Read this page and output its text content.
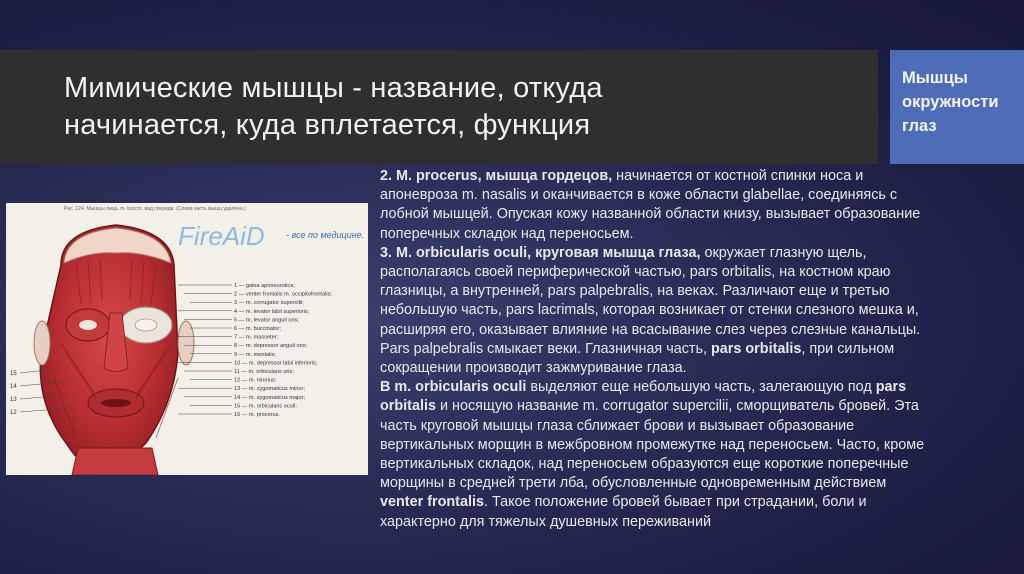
Мимические мышцы - название, откуда
начинается, куда вплетается, функция
Мышцы
окружности
глаз
Рис. 124. Мышцы лица, m. buccin, вид спереди. (Слева часть мышц удалена.)
FireAiD - все по медицине.
1 — galea aponeurotica;
2 — venter frontalis m. occipitofrontalis;
3 — m. corrugator supercilii;
4 — m. levator labii superioris;
5 — m. levator anguli oris;
6 — m. buccinator;
7 — m. masseter;
8 — m. depressor anguli oris;
9 — m. mentalis;
10 — m. depressor labii inferioris;
11 — m. orbicularis oris;
12 — m. risorius;
13 — m. zygomaticus minor;
14 — m. zygomaticus major;
15 — m. orbicularis oculi;
16 — m. procerus.
15
14
13
12
2. M. procerus, мышца гордецов, начинается от костной спинки носа и
апоневроза m. nasalis и оканчивается в коже области glabellae, соединяясь с
лобной мышцей. Опуская кожу названной области книзу, вызывает образование
поперечных складок над переносьем.
3. M. orbicularis oculi, круговая мышца глаза, окружает глазную щель,
располагаясь своей периферической частью, pars orbitalis, на костном краю
глазницы, а внутренней, pars palpebralis, на веках. Различают еще и третью
небольшую часть, pars lacrimals, которая возникает от стенки слезного мешка и,
расширяя его, оказывает влияние на всасывание слез через слезные канальцы.
Pars palpebralis смыкает веки. Глазничная часть, pars orbitalis, при сильном
сокращении производит зажмуривание глаза.
В m. orbicularis oculi выделяют еще небольшую часть, залегающую под pars
orbitalis и носящую название m. corrugator supercilii, сморщиватель бровей. Эта
часть круговой мышцы глаза сближает брови и вызывает образование
вертикальных морщин в межбровном промежутке над переносьем. Часто, кроме
вертикальных складок, над переносьем образуются еще короткие поперечные
морщины в средней трети лба, обусловленные одновременным действием
venter frontalis. Такое положение бровей бывает при страдании, боли и
характерно для тяжелых душевных переживаний
